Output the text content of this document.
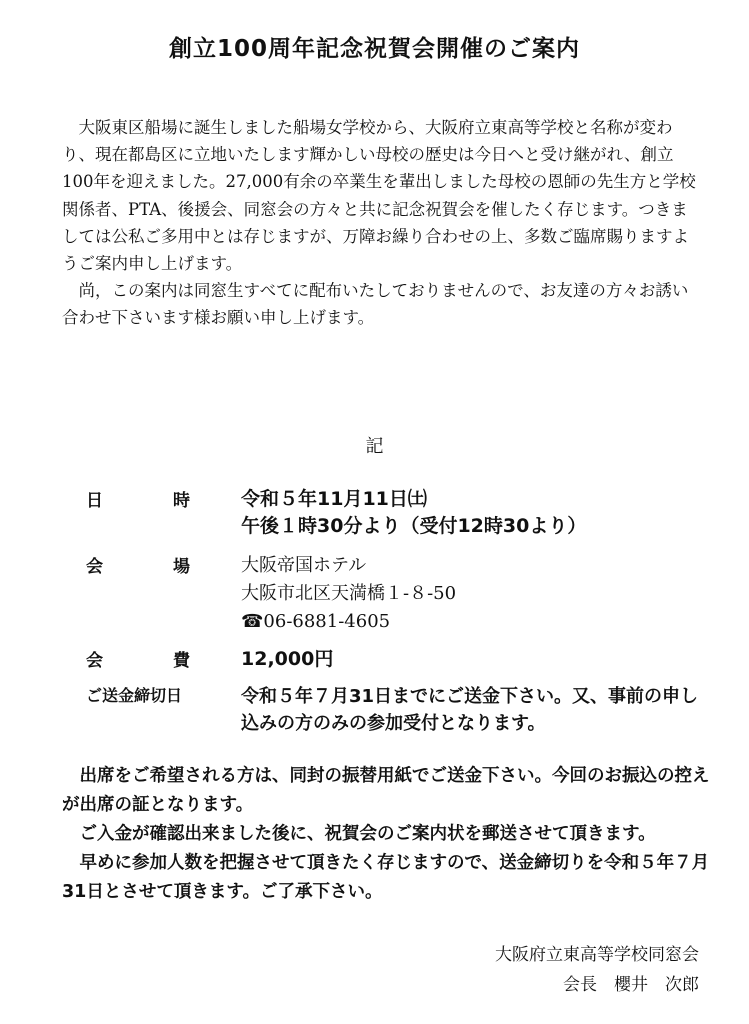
創立100周年記念祝賀会開催のご案内

大阪東区船場に誕生しました船場女学校から、大阪府立東高等学校と名称が変わり、現在都島区に立地いたします輝かしい母校の歴史は今日へと受け継がれ、創立100年を迎えました。27,000有余の卒業生を輩出しました母校の恩師の先生方と学校関係者、PTA、後援会、同窓会の方々と共に記念祝賀会を催したく存じます。つきましては公私ご多用中とは存じますが、万障お繰り合わせの上、多数ご臨席賜りますようご案内申し上げます。

尚，この案内は同窓生すべてに配布いたしておりませんので、お友達の方々お誘い合わせ下さいます様お願い申し上げます。

記
日	時	令和５年11月11日㈯
午後１時30分より（受付12時30より）
会	場	大阪帝国ホテル
大阪市北区天満橋１-８-50
☎06-6881-4605
会	費	12,000円
ご送金締切日	令和５年７月31日までにご送金下さい。又、事前の申し込みの方のみの参加受付となります。

出席をご希望される方は、同封の振替用紙でご送金下さい。今回のお振込の控えが出席の証となります。

ご入金が確認出来ました後に、祝賀会のご案内状を郵送させて頂きます。

早めに参加人数を把握させて頂きたく存じますので、送金締切りを令和５年７月31日とさせて頂きます。ご了承下さい。

大阪府立東高等学校同窓会
会長  櫻井　次郎
